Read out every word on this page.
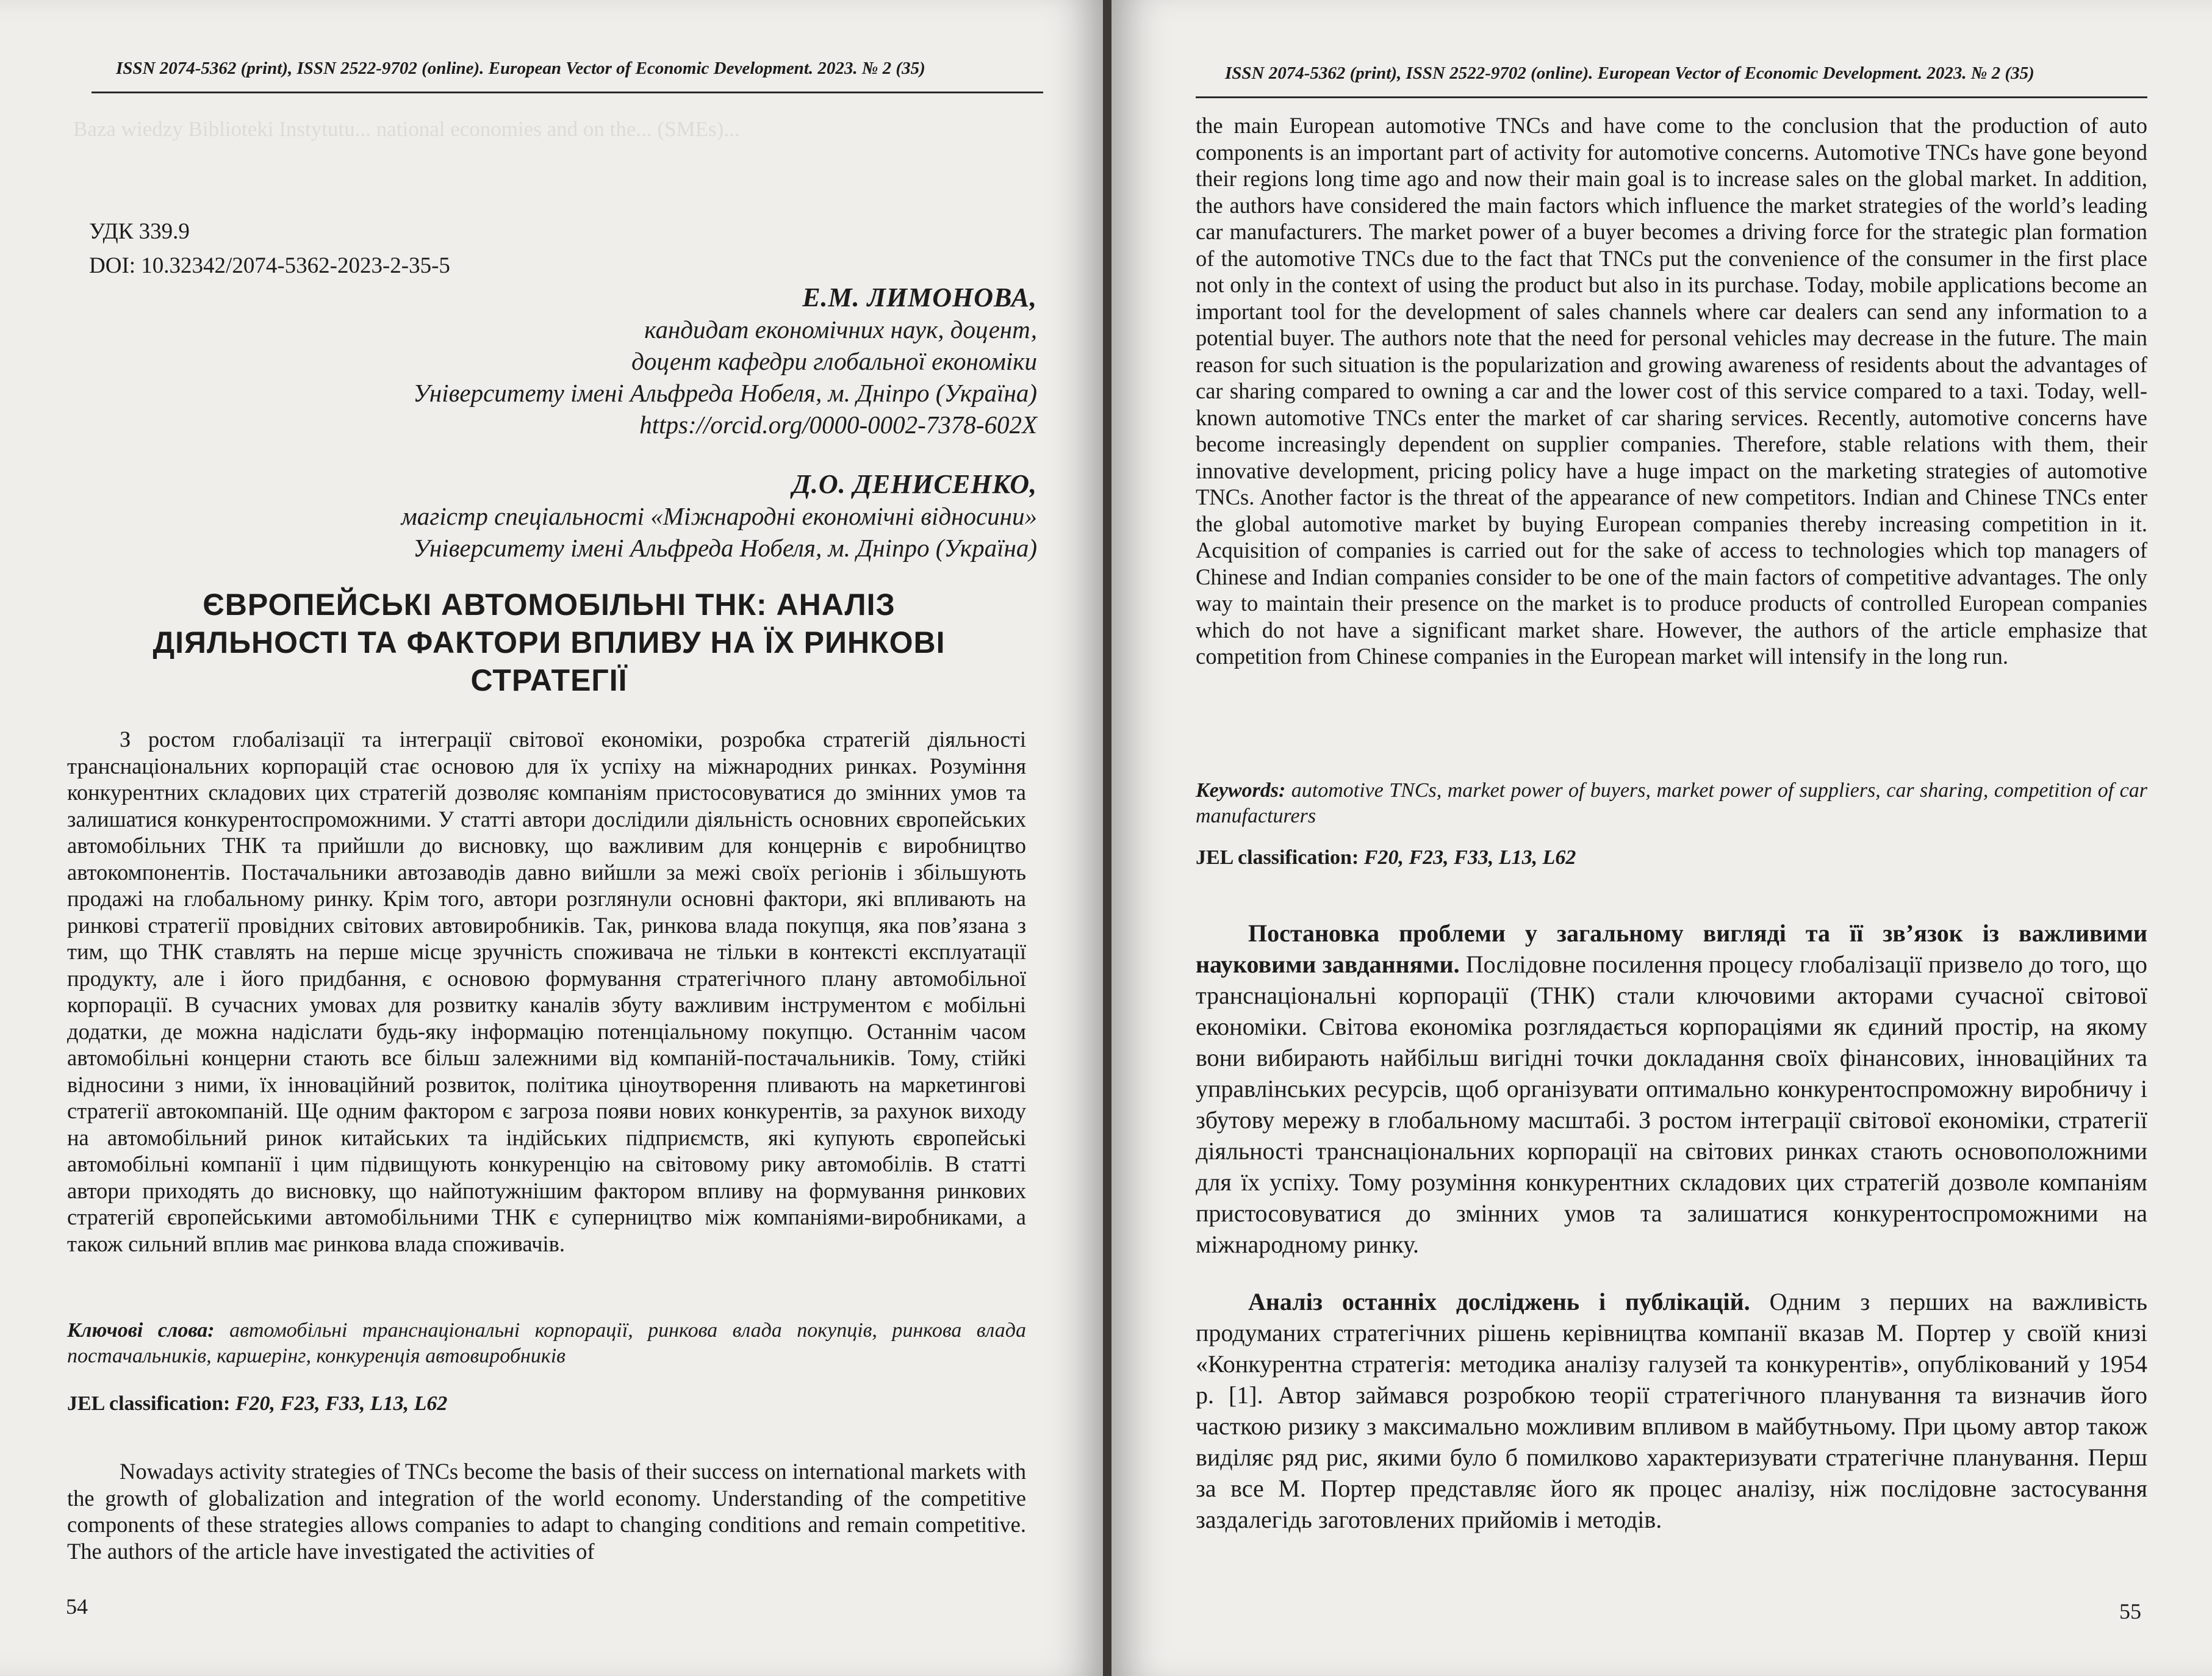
Baza wiedzy Biblioteki Instytutu... national economies and on the... (SMEs)...
ISSN 2074-5362 (print), ISSN 2522-9702 (online). European Vector of Economic Development. 2023. № 2 (35)
УДК 339.9
DOI: 10.32342/2074-5362-2023-2-35-5
Е.М. ЛИМОНОВА,
кандидат економічних наук, доцент,
доцент кафедри глобальної економіки
Університету імені Альфреда Нобеля, м. Дніпро (Україна)
https://orcid.org/0000-0002-7378-602X
Д.О. ДЕНИСЕНКО,
магістр спеціальності «Міжнародні економічні відносини»
Університету імені Альфреда Нобеля, м. Дніпро (Україна)
ЄВРОПЕЙСЬКІ АВТОМОБІЛЬНІ ТНК: АНАЛІЗ
ДІЯЛЬНОСТІ ТА ФАКТОРИ ВПЛИВУ НА ЇХ РИНКОВІ
СТРАТЕГІЇ

З ростом глобалізації та інтеграції світової економіки, розробка стратегій діяльності транснаціональних корпорацій стає основою для їх успіху на міжнародних ринках. Розуміння конкурентних складових цих стратегій дозволяє компаніям пристосовуватися до змінних умов та залишатися конкурентоспроможними. У статті автори дослідили діяльність основних європейських автомобільних ТНК та прийшли до висновку, що важливим для концернів є виробництво автокомпонентів. Постачальники автозаводів давно вийшли за межі своїх регіонів і збільшують продажі на глобальному ринку. Крім того, автори розглянули основні фактори, які впливають на ринкові стратегії провідних світових автовиробників. Так, ринкова влада покупця, яка пов’язана з тим, що ТНК ставлять на перше місце зручність споживача не тільки в контексті експлуатації продукту, але і його придбання, є основою формування стратегічного плану автомобільної корпорації. В сучасних умовах для розвитку каналів збуту важливим інструментом є мобільні додатки, де можна надіслати будь-яку інформацію потенціальному покупцю. Останнім часом автомобільні концерни стають все більш залежними від компаній-постачальників. Тому, стійкі відносини з ними, їх інноваційний розвиток, політика ціноутворення пливають на маркетингові стратегії автокомпаній. Ще одним фактором є загроза появи нових конкурентів, за рахунок виходу на автомобільний ринок китайських та індійських підприємств, які купують європейські автомобільні компанії і цим підвищують конкуренцію на світовому рику автомобілів. В статті автори приходять до висновку, що найпотужнішим фактором впливу на формування ринкових стратегій європейськими автомобільними ТНК є суперництво між компаніями-виробниками, а також сильний вплив має ринкова влада споживачів.

Ключові слова: автомобільні транснаціональні корпорації, ринкова влада покупців, ринкова влада постачальників, каршерінг, конкуренція автовиробників

JEL classification: F20, F23, F33, L13, L62

Nowadays activity strategies of TNCs become the basis of their success on international markets with the growth of globalization and integration of the world economy. Understanding of the competitive components of these strategies allows companies to adapt to changing conditions and remain competitive. The authors of the article have investigated the activities of

54
ISSN 2074-5362 (print), ISSN 2522-9702 (online). European Vector of Economic Development. 2023. № 2 (35)

the main European automotive TNCs and have come to the conclusion that the production of auto components is an important part of activity for automotive concerns. Automotive TNCs have gone beyond their regions long time ago and now their main goal is to increase sales on the global market. In addition, the authors have considered the main factors which influence the market strategies of the world’s leading car manufacturers. The market power of a buyer becomes a driving force for the strategic plan formation of the automotive TNCs due to the fact that TNCs put the convenience of the consumer in the first place not only in the context of using the product but also in its purchase. Today, mobile applications become an important tool for the development of sales channels where car dealers can send any information to a potential buyer. The authors note that the need for personal vehicles may decrease in the future. The main reason for such situation is the popularization and growing awareness of residents about the advantages of car sharing compared to owning a car and the lower cost of this service compared to a taxi. Today, well-known automotive TNCs enter the market of car sharing services. Recently, automotive concerns have become increasingly dependent on supplier companies. Therefore, stable relations with them, their innovative development, pricing policy have a huge impact on the marketing strategies of automotive TNCs. Another factor is the threat of the appearance of new competitors. Indian and Chinese TNCs enter the global automotive market by buying European companies thereby increasing competition in it. Acquisition of companies is carried out for the sake of access to technologies which top managers of Chinese and Indian companies consider to be one of the main factors of competitive advantages. The only way to maintain their presence on the market is to produce products of controlled European companies which do not have a significant market share. However, the authors of the article emphasize that competition from Chinese companies in the European market will intensify in the long run.

Keywords: automotive TNCs, market power of buyers, market power of suppliers, car sharing, competition of car manufacturers

JEL classification: F20, F23, F33, L13, L62

Постановка проблеми у загальному вигляді та її зв’язок із важливими науковими завданнями. Послідовне посилення процесу глобалізації призвело до того, що транснаціональні корпорації (ТНК) стали ключовими акторами сучасної світової економіки. Світова економіка розглядається корпораціями як єдиний простір, на якому вони вибирають найбільш вигідні точки докладання своїх фінансових, інноваційних та управлінських ресурсів, щоб організувати оптимально конкурентоспроможну виробничу і збутову мережу в глобальному масштабі. З ростом інтеграції світової економіки, стратегії діяльності транснаціональних корпорації на світових ринках стають основоположними для їх успіху. Тому розуміння конкурентних складових цих стратегій дозволе компаніям пристосовуватися до змінних умов та залишатися конкурентоспроможними на міжнародному ринку.

Аналіз останніх досліджень і публікацій. Одним з перших на важливість продуманих стратегічних рішень керівництва компанії вказав М. Портер у своїй книзі «Конкурентна стратегія: методика аналізу галузей та конкурентів», опублікований у 1954 р. [1]. Автор займався розробкою теорії стратегічного планування та визначив його часткою ризику з максимально можливим впливом в майбутньому. При цьому автор також виділяє ряд рис, якими було б помилково характеризувати стратегічне планування. Перш за все М. Портер представляє його як процес аналізу, ніж послідовне застосування заздалегідь заготовлених прийомів і методів.

55
